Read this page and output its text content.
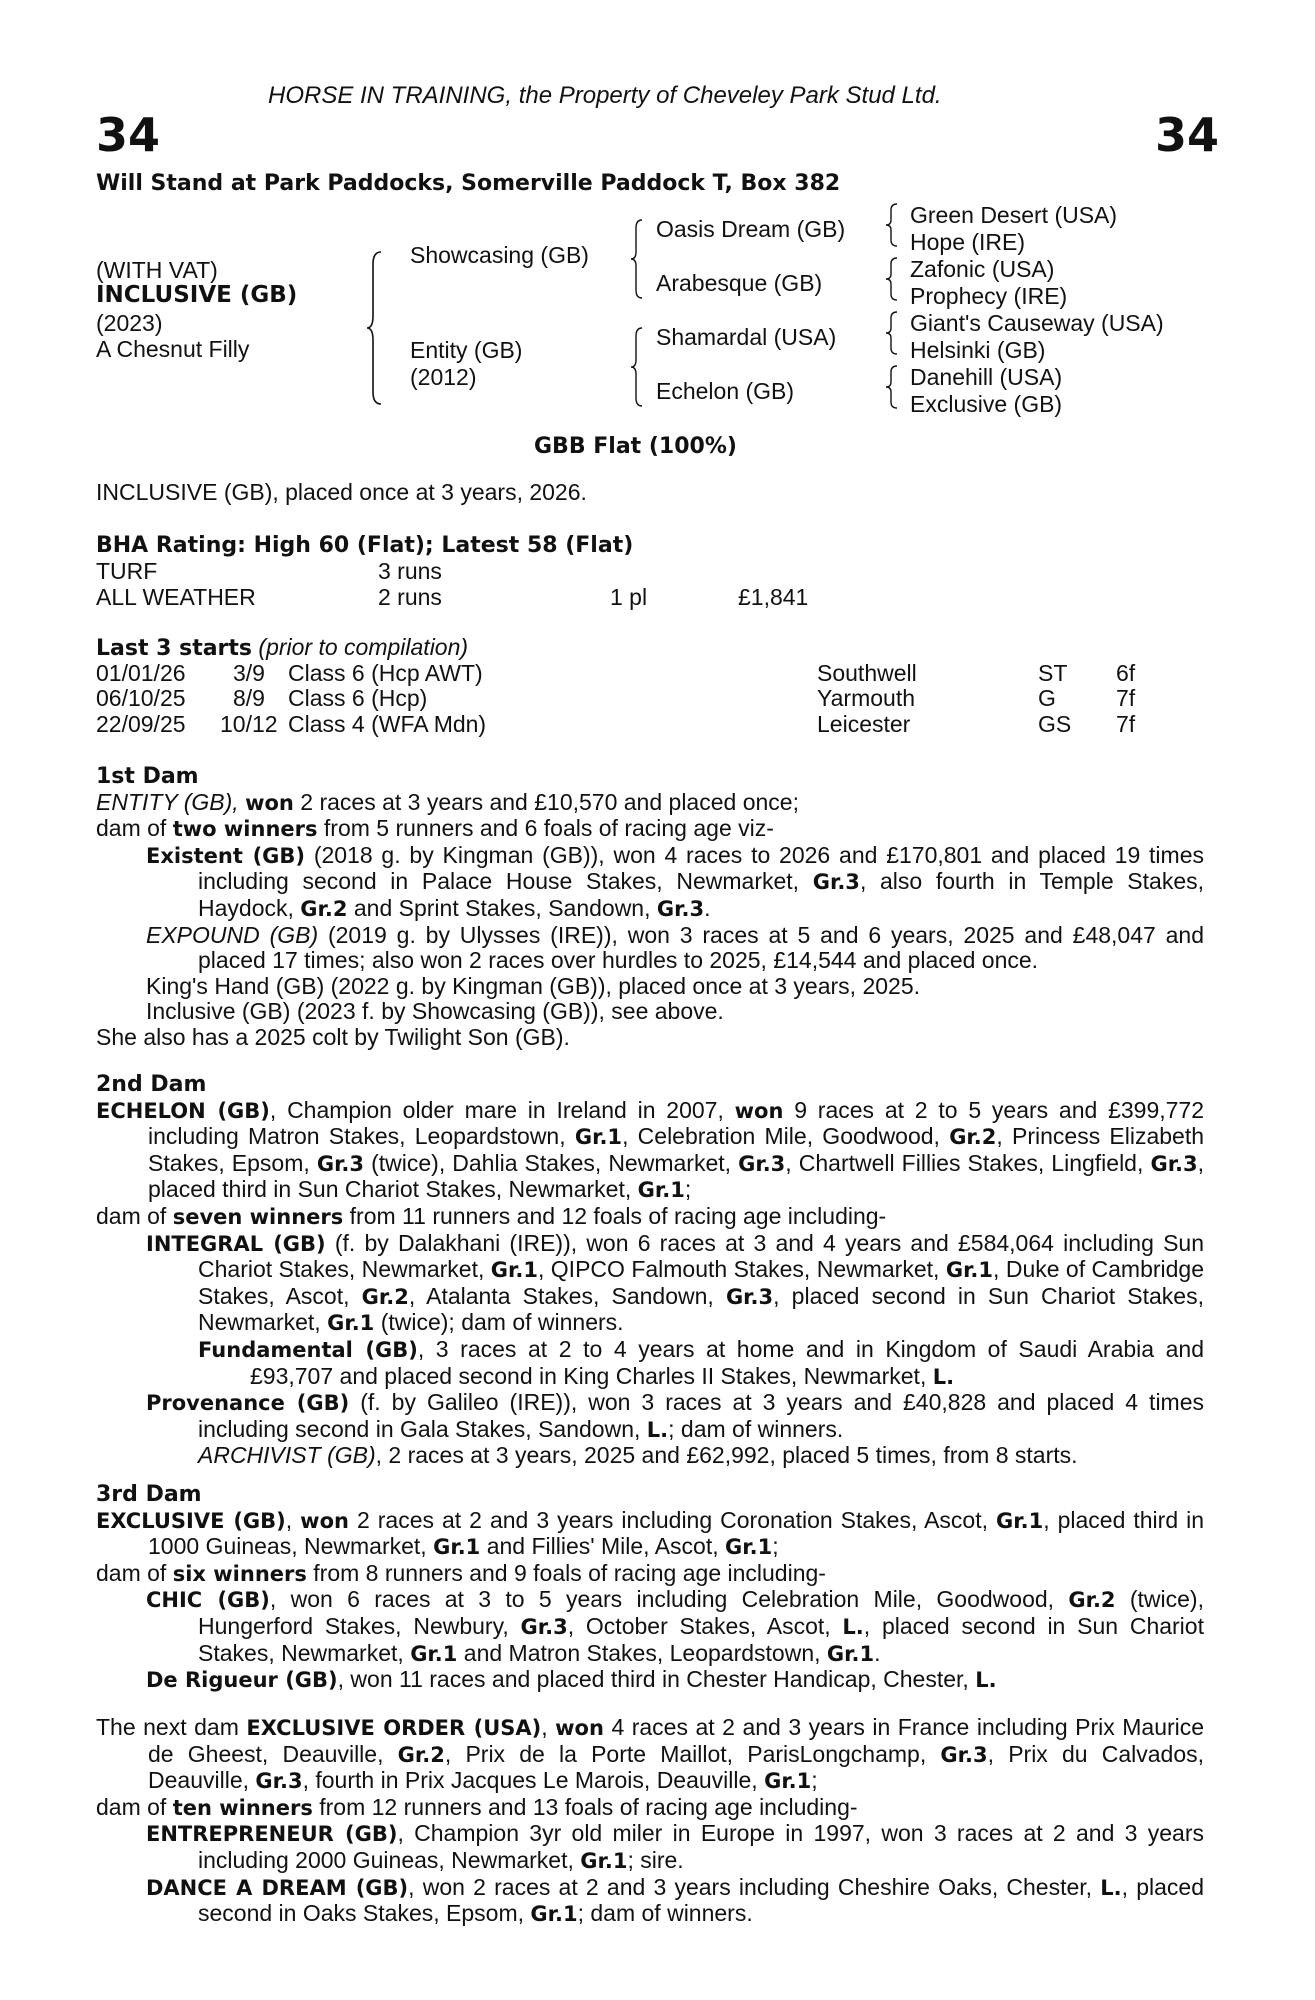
34	34
HORSE IN TRAINING, the Property of Cheveley Park Stud Ltd.
Will Stand at Park Paddocks, Somerville Paddock T, Box 382
(WITH VAT)
INCLUSIVE (GB)
(2023)
A Chesnut Filly
Showcasing (GB)
Entity (GB)
(2012)
Oasis Dream (GB)
Arabesque (GB)
Shamardal (USA)
Echelon (GB)
Green Desert (USA)
Hope (IRE)
Zafonic (USA)
Prophecy (IRE)
Giant's Causeway (USA)
Helsinki (GB)
Danehill (USA)
Exclusive (GB)
GBB Flat (100%)
INCLUSIVE (GB), placed once at 3 years, 2026.
BHA Rating: High 60 (Flat); Latest 58 (Flat)
TURF	3 runs
ALL WEATHER	2 runs	1 pl	£1,841
Last 3 starts (prior to compilation)
01/01/26 3/9 Class 6 (Hcp AWT)	Southwell	ST 6f
06/10/25 8/9 Class 6 (Hcp)	Yarmouth	G	7f
22/09/25 10/12 Class 4 (WFA Mdn)	Leicester	GS 7f
1st Dam
ENTITY (GB), won 2 races at 3 years and £10,570 and placed once;
dam of two winners from 5 runners and 6 foals of racing age viz-
Existent (GB) (2018 g. by Kingman (GB)), won 4 races to 2026 and £170,801 and placed 19 times including second in Palace House Stakes, Newmarket, Gr.3, also fourth in Temple Stakes, Haydock, Gr.2 and Sprint Stakes, Sandown, Gr.3.
EXPOUND (GB) (2019 g. by Ulysses (IRE)), won 3 races at 5 and 6 years, 2025 and £48,047 and placed 17 times; also won 2 races over hurdles to 2025, £14,544 and placed once.
King's Hand (GB) (2022 g. by Kingman (GB)), placed once at 3 years, 2025.
Inclusive (GB) (2023 f. by Showcasing (GB)), see above.
She also has a 2025 colt by Twilight Son (GB).
2nd Dam
ECHELON (GB), Champion older mare in Ireland in 2007, won 9 races at 2 to 5 years and £399,772 including Matron Stakes, Leopardstown, Gr.1, Celebration Mile, Goodwood, Gr.2, Princess Elizabeth Stakes, Epsom, Gr.3 (twice), Dahlia Stakes, Newmarket, Gr.3, Chartwell Fillies Stakes, Lingfield, Gr.3, placed third in Sun Chariot Stakes, Newmarket, Gr.1;
dam of seven winners from 11 runners and 12 foals of racing age including-
INTEGRAL (GB) (f. by Dalakhani (IRE)), won 6 races at 3 and 4 years and £584,064 including Sun Chariot Stakes, Newmarket, Gr.1, QIPCO Falmouth Stakes, Newmarket, Gr.1, Duke of Cambridge Stakes, Ascot, Gr.2, Atalanta Stakes, Sandown, Gr.3, placed second in Sun Chariot Stakes, Newmarket, Gr.1 (twice); dam of winners.
Fundamental (GB), 3 races at 2 to 4 years at home and in Kingdom of Saudi Arabia and £93,707 and placed second in King Charles II Stakes, Newmarket, L.
Provenance (GB) (f. by Galileo (IRE)), won 3 races at 3 years and £40,828 and placed 4 times including second in Gala Stakes, Sandown, L.; dam of winners.
ARCHIVIST (GB), 2 races at 3 years, 2025 and £62,992, placed 5 times, from 8 starts.
3rd Dam
EXCLUSIVE (GB), won 2 races at 2 and 3 years including Coronation Stakes, Ascot, Gr.1, placed third in 1000 Guineas, Newmarket, Gr.1 and Fillies' Mile, Ascot, Gr.1;
dam of six winners from 8 runners and 9 foals of racing age including-
CHIC (GB), won 6 races at 3 to 5 years including Celebration Mile, Goodwood, Gr.2 (twice), Hungerford Stakes, Newbury, Gr.3, October Stakes, Ascot, L., placed second in Sun Chariot Stakes, Newmarket, Gr.1 and Matron Stakes, Leopardstown, Gr.1.
De Rigueur (GB), won 11 races and placed third in Chester Handicap, Chester, L.
The next dam EXCLUSIVE ORDER (USA), won 4 races at 2 and 3 years in France including Prix Maurice de Gheest, Deauville, Gr.2, Prix de la Porte Maillot, ParisLongchamp, Gr.3, Prix du Calvados, Deauville, Gr.3, fourth in Prix Jacques Le Marois, Deauville, Gr.1;
dam of ten winners from 12 runners and 13 foals of racing age including-
ENTREPRENEUR (GB), Champion 3yr old miler in Europe in 1997, won 3 races at 2 and 3 years including 2000 Guineas, Newmarket, Gr.1; sire.
DANCE A DREAM (GB), won 2 races at 2 and 3 years including Cheshire Oaks, Chester, L., placed second in Oaks Stakes, Epsom, Gr.1; dam of winners.
